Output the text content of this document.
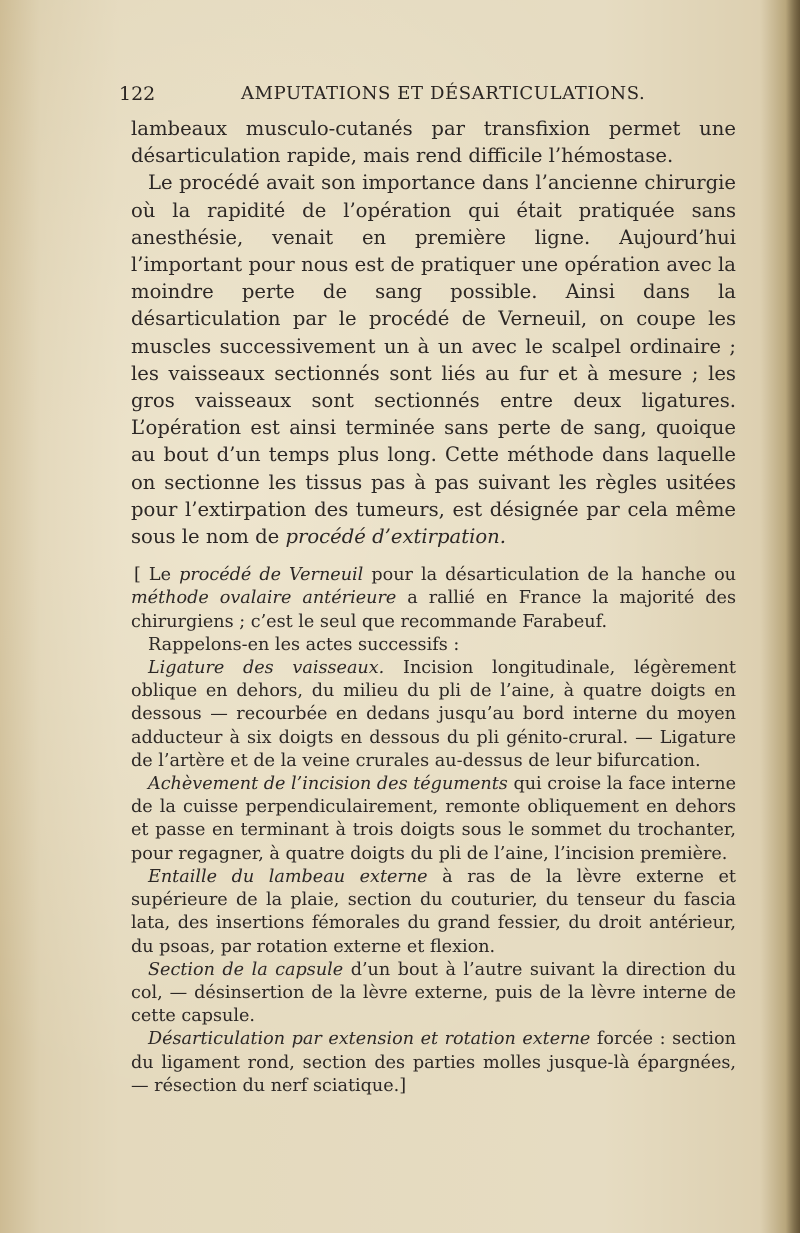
122	AMPUTATIONS ET DÉSARTICULATIONS.

lambeaux musculo-cutanés par transfixion permet une désarticulation rapide, mais rend difficile l’hémostase.

Le procédé avait son importance dans l’ancienne chirurgie où la rapidité de l’opération qui était pratiquée sans anesthésie, venait en première ligne. Aujourd’hui l’important pour nous est de pratiquer une opération avec la moindre perte de sang possible. Ainsi dans la désarticulation par le procédé de Verneuil, on coupe les muscles successivement un à un avec le scalpel ordinaire ; les vaisseaux sectionnés sont liés au fur et à mesure ; les gros vaisseaux sont sectionnés entre deux ligatures. L’opération est ainsi terminée sans perte de sang, quoique au bout d’un temps plus long. Cette méthode dans laquelle on sectionne les tissus pas à pas suivant les règles usitées pour l’extirpation des tumeurs, est désignée par cela même sous le nom de procédé d’extirpation.

[ Le procédé de Verneuil pour la désarticulation de la hanche ou méthode ovalaire antérieure a rallié en France la majorité des chirurgiens ; c’est le seul que recommande Farabeuf.

Rappelons-en les actes successifs :

Ligature des vaisseaux. Incision longitudinale, légèrement oblique en dehors, du milieu du pli de l’aine, à quatre doigts en dessous — recourbée en dedans jusqu’au bord interne du moyen adducteur à six doigts en dessous du pli génito-crural. — Ligature de l’artère et de la veine crurales au-dessus de leur bifurcation.

Achèvement de l’incision des téguments qui croise la face interne de la cuisse perpendiculairement, remonte obliquement en dehors et passe en terminant à trois doigts sous le sommet du trochanter, pour regagner, à quatre doigts du pli de l’aine, l’incision première.

Entaille du lambeau externe à ras de la lèvre externe et supérieure de la plaie, section du couturier, du tenseur du fascia lata, des insertions fémorales du grand fessier, du droit antérieur, du psoas, par rotation externe et flexion.

Section de la capsule d’un bout à l’autre suivant la direction du col, — désinsertion de la lèvre externe, puis de la lèvre interne de cette capsule.

Désarticulation par extension et rotation externe forcée : section du ligament rond, section des parties molles jusque-là épargnées, — résection du nerf sciatique.]
